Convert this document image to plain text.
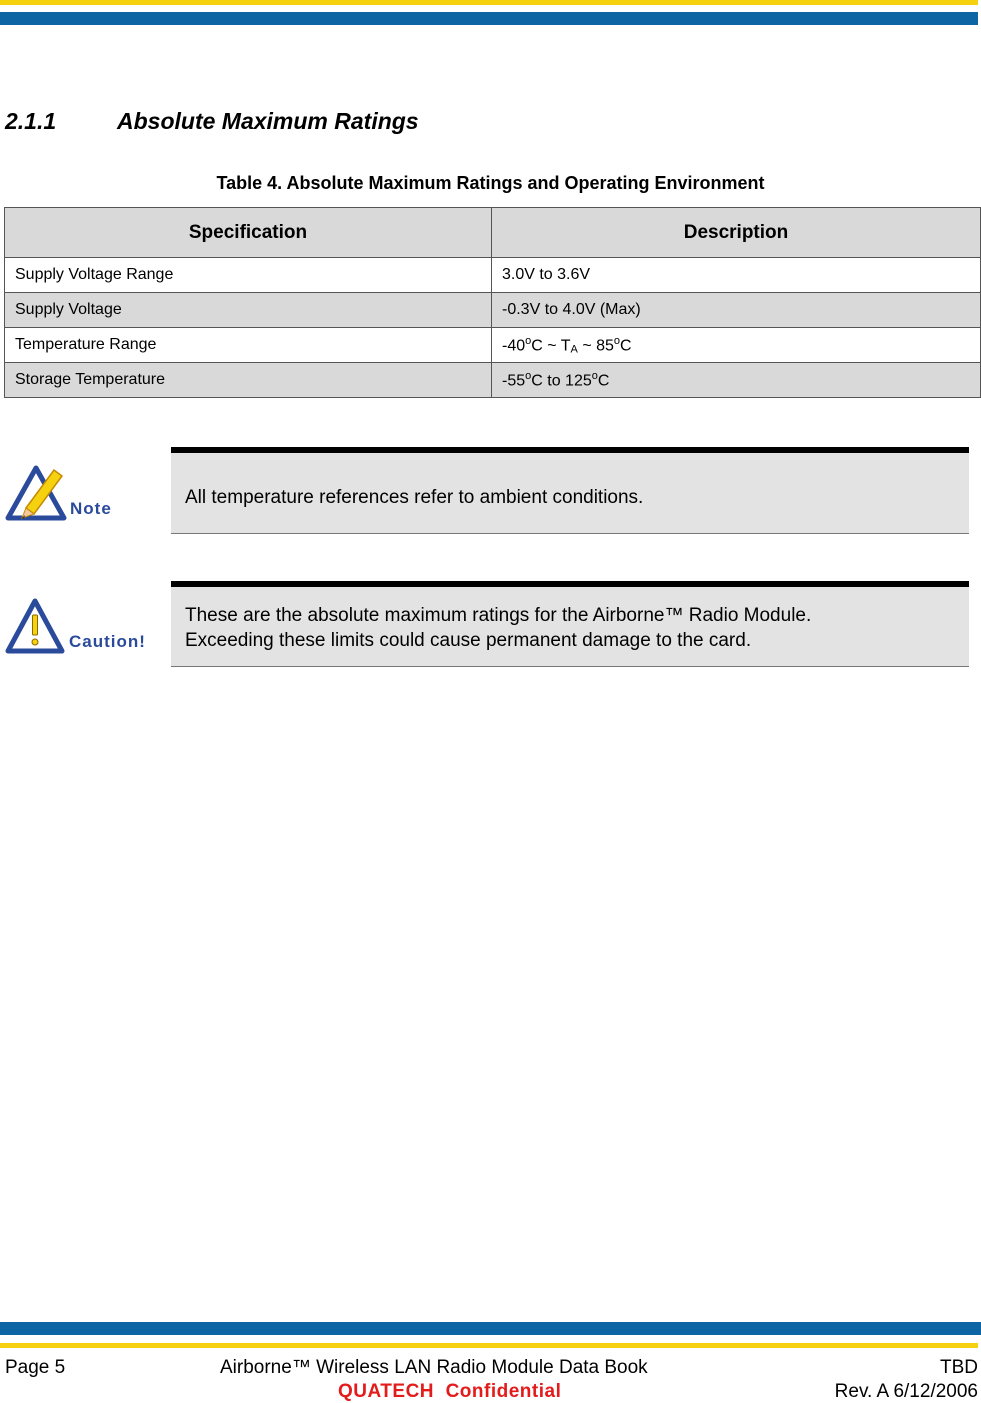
2.1.1	Absolute Maximum Ratings
Table 4. Absolute Maximum Ratings and Operating Environment
Specification	Description
Supply Voltage Range	3.0V to 3.6V
Supply Voltage	-0.3V to 4.0V (Max)
Temperature Range	-40$^o$C ~ $T_A$ ~ 85$^o$C
Storage Temperature	-55$^o$C to 125$^o$C
Note
All temperature references refer to ambient conditions.
Caution!
These are the absolute maximum ratings for the Airborne™ Radio Module.
Exceeding these limits could cause permanent damage to the card.
Page 5	Airborne™ Wireless LAN Radio Module Data Book	TBD
QUATECH  Confidential	Rev. A 6/12/2006
